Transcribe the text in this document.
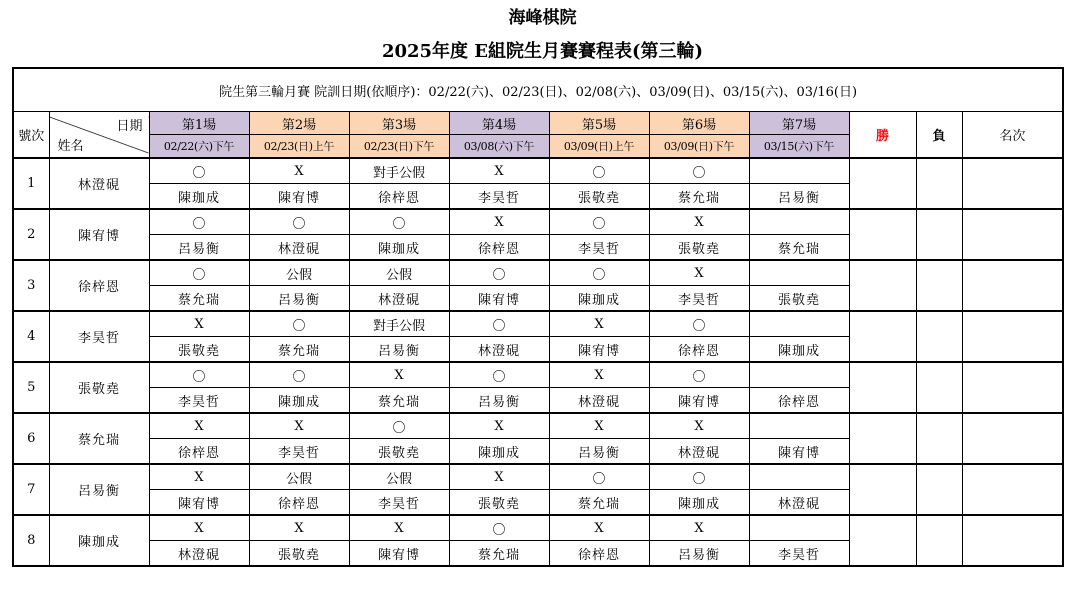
海峰棋院
2025年度 E組院生月賽賽程表(第三輪)
院生第三輪月賽 院訓日期(依順序)：02/22(六)、02/23(日)、02/08(六)、03/09(日)、03/15(六)、03/16(日)											
號次	日期
姓名	第1場	第2場	第3場	第4場	第5場	第6場	第7場	勝	負	名次
		02/22(六)下午	02/23(日)上午	02/23(日)下午	03/08(六)下午	03/09(日)上午	03/09(日)下午	03/15(六)下午			
1	林澄硯	〇	X	對手公假	X	〇	〇				
		陳珈成	陳宥博	徐梓恩	李昊哲	張敬堯	蔡允瑞	呂易衡			
2	陳宥博	〇	〇	〇	X	〇	X				
		呂易衡	林澄硯	陳珈成	徐梓恩	李昊哲	張敬堯	蔡允瑞			
3	徐梓恩	〇	公假	公假	〇	〇	X				
		蔡允瑞	呂易衡	林澄硯	陳宥博	陳珈成	李昊哲	張敬堯			
4	李昊哲	X	〇	對手公假	〇	X	〇				
		張敬堯	蔡允瑞	呂易衡	林澄硯	陳宥博	徐梓恩	陳珈成			
5	張敬堯	〇	〇	X	〇	X	〇				
		李昊哲	陳珈成	蔡允瑞	呂易衡	林澄硯	陳宥博	徐梓恩			
6	蔡允瑞	X	X	〇	X	X	X				
		徐梓恩	李昊哲	張敬堯	陳珈成	呂易衡	林澄硯	陳宥博			
7	呂易衡	X	公假	公假	X	〇	〇				
		陳宥博	徐梓恩	李昊哲	張敬堯	蔡允瑞	陳珈成	林澄硯			
8	陳珈成	X	X	X	〇	X	X				
		林澄硯	張敬堯	陳宥博	蔡允瑞	徐梓恩	呂易衡	李昊哲			
